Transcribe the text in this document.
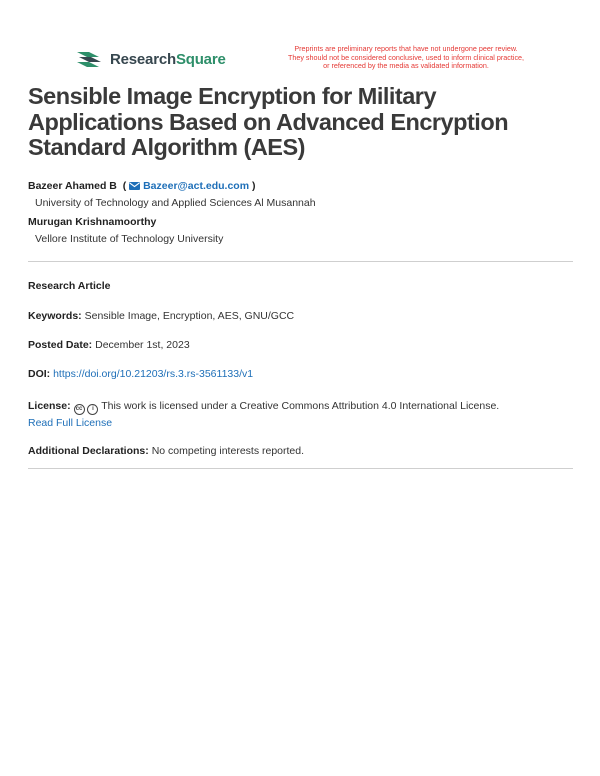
ResearchSquare
Preprints are preliminary reports that have not undergone peer review.
They should not be considered conclusive, used to inform clinical practice,
or referenced by the media as validated information.
Sensible Image Encryption for Military Applications Based on Advanced Encryption Standard Algorithm (AES)
Bazeer Ahamed B  ( Bazeer@act.edu.com )
University of Technology and Applied Sciences Al Musannah
Murugan Krishnamoorthy
Vellore Institute of Technology University
Research Article
Keywords: Sensible Image, Encryption, AES, GNU/GCC
Posted Date: December 1st, 2023
DOI: https://doi.org/10.21203/rs.3.rs-3561133/v1
License: cc i This work is licensed under a Creative Commons Attribution 4.0 International License.
Read Full License
Additional Declarations: No competing interests reported.
